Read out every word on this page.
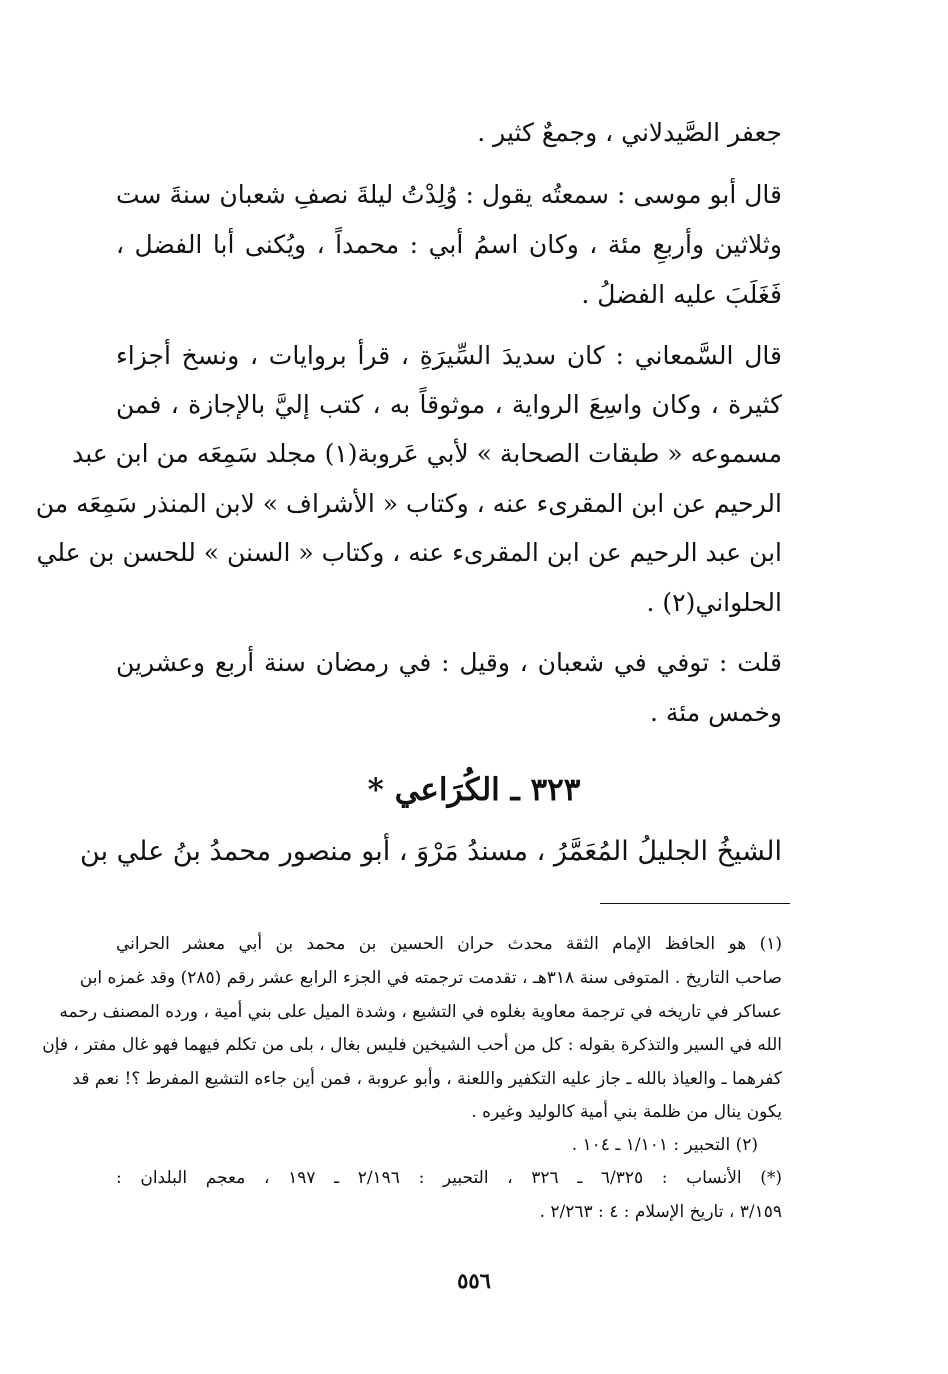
جعفر الصَّيدلاني ، وجمعٌ كثير .
قال أبو موسى : سمعتُه يقول : وُلِدْتُ ليلةَ نصفِ شعبان سنةَ ست
وثلاثين وأربعِ مئة ، وكان اسمُ أبي : محمداً ، ويُكنى أبا الفضل ،
فَغَلَبَ عليه الفضلُ .
قال السَّمعاني : كان سديدَ السِّيرَةِ ، قرأ بروايات ، ونسخ أجزاء
كثيرة ، وكان واسِعَ الرواية ، موثوقاً به ، كتب إليَّ بالإجازة ، فمن
مسموعه « طبقات الصحابة » لأبي عَروبة(١) مجلد سَمِعَه من ابن عبد
الرحيم عن ابن المقرىء عنه ، وكتاب « الأشراف » لابن المنذر سَمِعَه من
ابن عبد الرحيم عن ابن المقرىء عنه ، وكتاب « السنن » للحسن بن علي
الحلواني(٢) .
قلت : توفي في شعبان ، وقيل : في رمضان سنة أربع وعشرين
وخمس مئة .
٣٢٣ ـ الكُرَاعي *
الشيخُ الجليلُ المُعَمَّرُ ، مسندُ مَرْوَ ، أبو منصور محمدُ بنُ علي بن
(١) هو الحافظ الإمام الثقة محدث حران الحسين بن محمد بن أبي معشر الحراني
صاحب التاريخ . المتوفى سنة ٣١٨هـ ، تقدمت ترجمته في الجزء الرابع عشر رقم (٢٨٥) وقد غمزه ابن
عساكر في تاريخه في ترجمة معاوية بغلوه في التشيع ، وشدة الميل على بني أمية ، ورده المصنف رحمه
الله في السير والتذكرة بقوله : كل من أحب الشيخين فليس بغال ، بلى من تكلم فيهما فهو غال مفتر ، فإن
كفرهما ـ والعياذ بالله ـ جاز عليه التكفير واللعنة ، وأبو عروبة ، فمن أين جاءه التشيع المفرط ؟! نعم قد
يكون ينال من ظلمة بني أمية كالوليد وغيره .
(٢) التحبير : ١/١٠١ ـ ١٠٤ .
(*) الأنساب : ٦/٣٢٥ ـ ٣٢٦ ، التحبير : ٢/١٩٦ ـ ١٩٧ ، معجم البلدان :
٣/١٥٩ ، تاريخ الإسلام : ٤ : ٢/٢٦٣ .
٥٥٦
